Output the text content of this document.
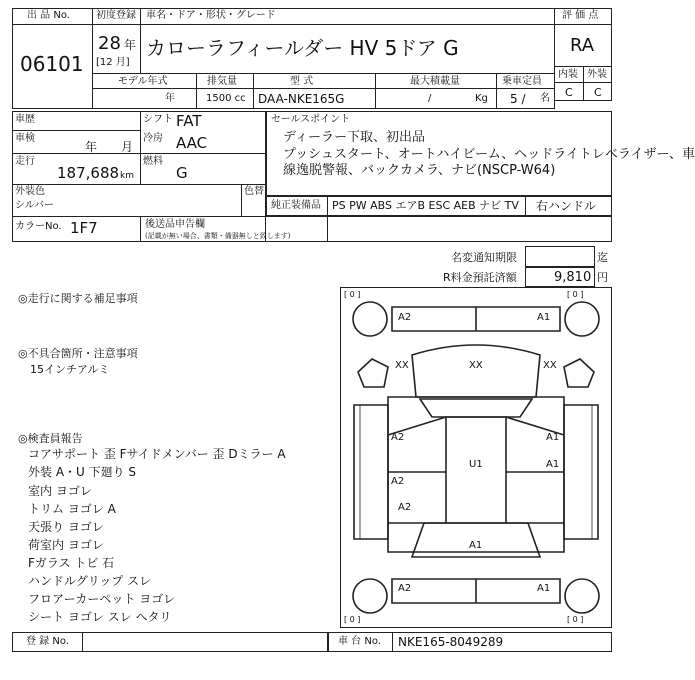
出 品 No.
06101
初度登録 車名・ドア・形状・グレード
28 年
[12 月]
カローラフィールダー HV 5ドア G
モデル年式
年
排気量
1500 cc
型 式
DAA-NKE165G
最大積載量
/	Kg
乗車定員
5 / 名
評 価 点
RA
内装 外装
C C
車歴
車検
年 月
走行
187,688 km
シフト FAT
冷房 AAC
燃料
G
外装色
シルバー
色替
カラーNo. 1F7	後送品申告欄
(記載が無い場合、書類・備器無しと致します)
セールスポイント
ディーラー下取、初出品
プッシュスタート、オートハイビーム、ヘッドライトレベライザー、車
線逸脱警報、バックカメラ、ナビ(NSCP-W64)
純正装備品 PS PW ABS エアB ESC AEB ナビ TV 右ハンドル
名変通知期限	迄
R料金預託済額	9,810 円
◎走行に関する補足事項
◎不具合箇所・注意事項
15インチアルミ
◎検査員報告
コアサポート 歪 Fサイドメンバー 歪 Dミラー A
外装 A・U 下廻り S
室内 ヨゴレ
トリム ヨゴレ A
天張り ヨゴレ
荷室内 ヨゴレ
Fガラス トビ 石
ハンドルグリップ スレ
フロアーカーペット ヨゴレ
シート ヨゴレ スレ ヘタリ
[ 0 ]	[ 0 ]
[ 0 ]	[ 0 ]
A2	A1
XX	XX	XX
A2	A1
U1	A1
A2
A2
A1
A2	A1
登 録 No.	車 台 No. NKE165-8049289
